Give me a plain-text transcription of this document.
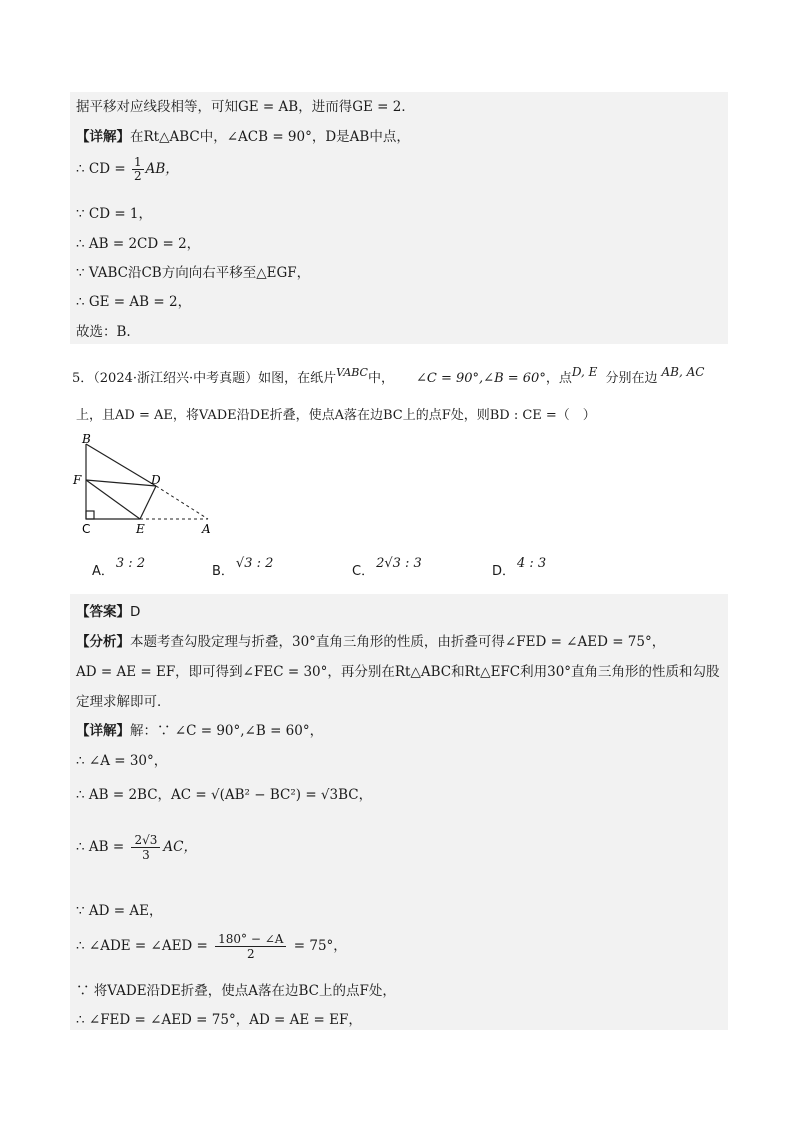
据平移对应线段相等，可知GE = AB，进而得GE = 2．
【详解】在Rt△ABC中，∠ACB = 90°，D是AB中点，
∴ CD = $\frac{1}{2}$ AB，
∵ CD = 1，
∴ AB = 2CD = 2，
∵ VABC沿CB方向向右平移至△EGF，
∴ GE = AB = 2，
故选：B.
5．（2024·浙江绍兴·中考真题）如图，在纸片$^{VABC}$中， ∠C = 90°,∠B = 60°，点D, E 分别在边 AB, AC
上，且AD = AE，将VADE沿DE折叠，使点A落在边BC上的点F处，则BD : CE =（　）
B
F	D
C	E	A
A．3 : 2
B．√3 : 2
C．2√3 : 3
D．4 : 3
【答案】D
【分析】本题考查勾股定理与折叠，30°直角三角形的性质，由折叠可得∠FED = ∠AED = 75°，
AD = AE = EF，即可得到∠FEC = 30°，再分别在Rt△ABC和Rt△EFC利用30°直角三角形的性质和勾股
定理求解即可．
【详解】解：∵ ∠C = 90°,∠B = 60°，
∴ ∠A = 30°，
∴ AB = 2BC，AC = √(AB² − BC²) = √3BC，
∴ AB = $\frac{2√3}{3}$ AC，
∵ AD = AE，
∴ ∠ADE = ∠AED = $\frac{180^\circ - \angle A}{2} = 75^\circ$，
∵ 将VADE沿DE折叠，使点A落在边BC上的点F处，
∴ ∠FED = ∠AED = 75°，AD = AE = EF，
